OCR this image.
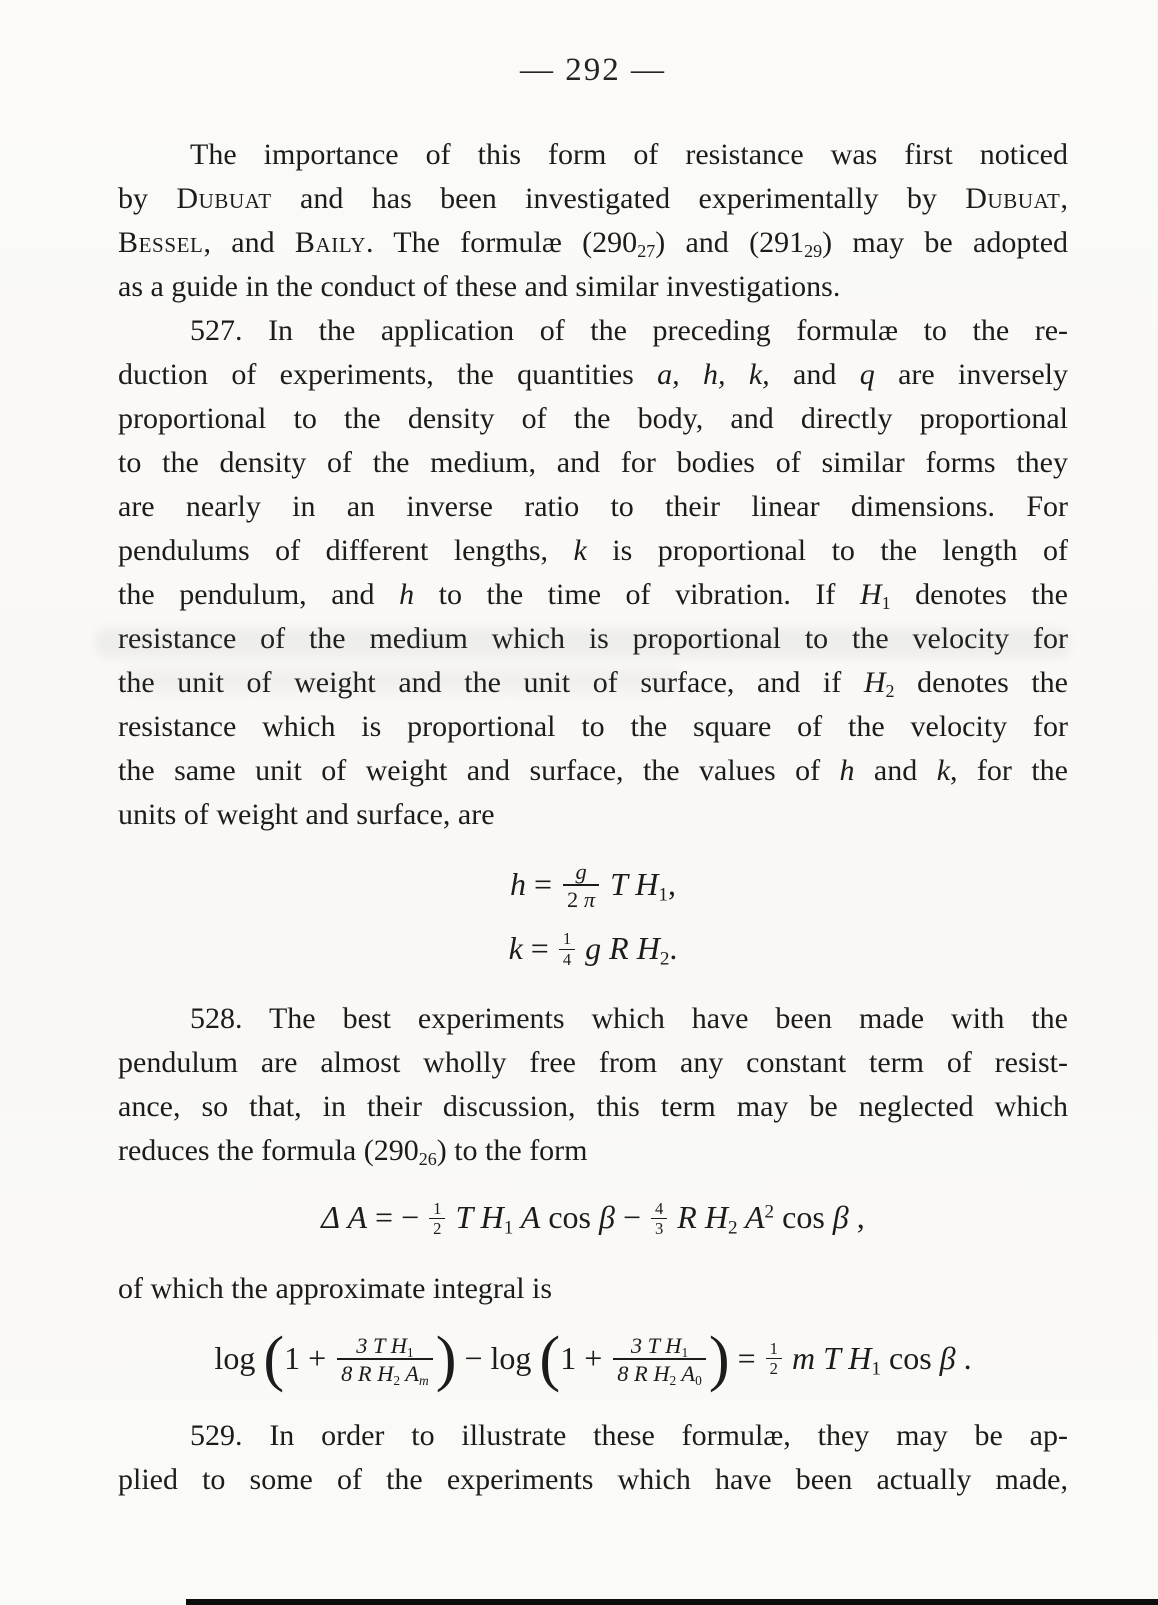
— 292 —
The importance of this form of resistance was first noticed
by Dubuat and has been investigated experimentally by Dubuat,
Bessel, and Baily. The formulæ $(290_{27})$ and $(291_{29})$ may be adopted
as a guide in the conduct of these and similar investigations.
527. In the application of the preceding formulæ to the re-
duction of experiments, the quantities a, h, k, and q are inversely
proportional to the density of the body, and directly proportional
to the density of the medium, and for bodies of similar forms they
are nearly in an inverse ratio to their linear dimensions. For
pendulums of different lengths, k is proportional to the length of
the pendulum, and h to the time of vibration. If $H_1$ denotes the
resistance of the medium which is proportional to the velocity for
the unit of weight and the unit of surface, and if $H_2$ denotes the
resistance which is proportional to the square of the velocity for
the same unit of weight and surface, the values of h and k, for the
units of weight and surface, are
$h = \frac{g}{2 \pi}$ T $H_1$,
$k = \frac{1}{4}$ g R $H_2$.
528. The best experiments which have been made with the
pendulum are almost wholly free from any constant term of resist-
ance, so that, in their discussion, this term may be neglected which
reduces the formula $(290_{26})$ to the form
Δ A = − $\frac{1}{2}$ T $H_1$ A $\cos \beta - \frac{4}{3}$ R $H_2$ $A^2$ cos β ,
of which the approximate integral is
$\log (1 + \frac{3 T H_1}{8 R H_2 A_m}$ ) − $\log (1 + \frac{3 T H_1}{8 R H_2 A_0}$ ) = $\frac{1}{2}$ m T $H_1$ cos β .
529. In order to illustrate these formulæ, they may be ap-
plied to some of the experiments which have been actually made,
